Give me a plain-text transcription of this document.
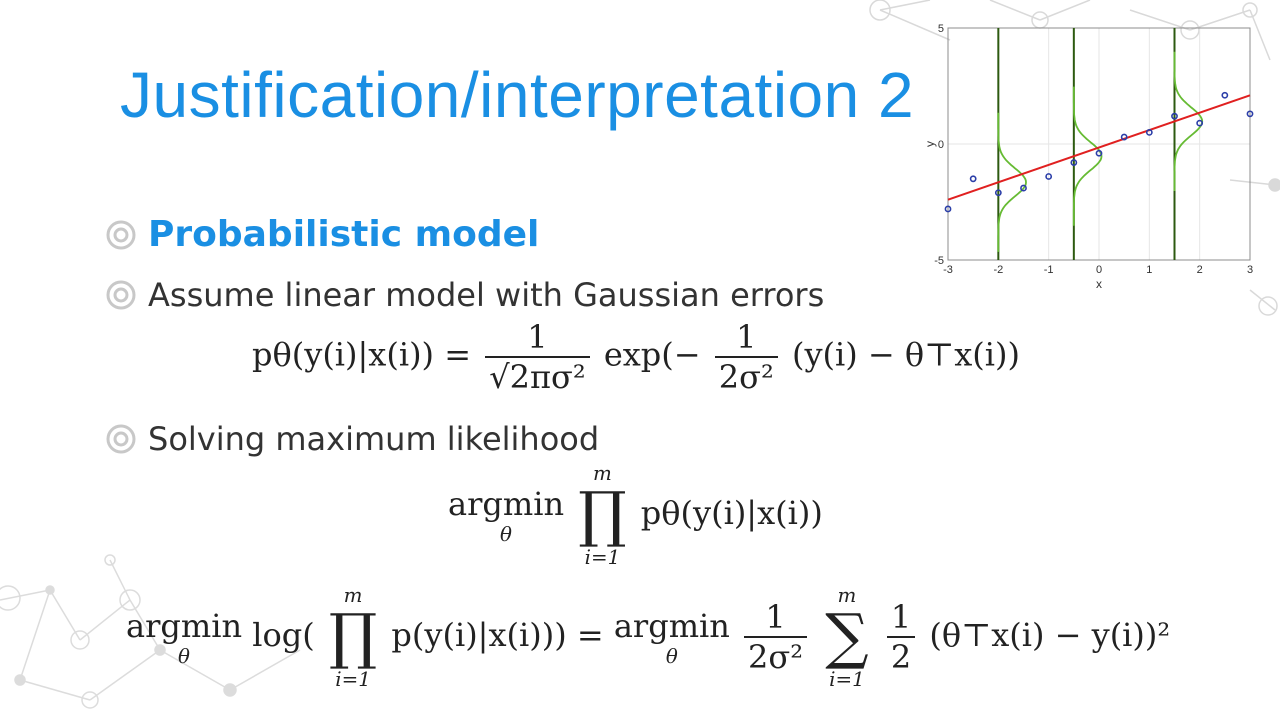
Justification/interpretation 2
Probabilistic model
Assume linear model with Gaussian errors
Solving maximum likelihood
$p\theta(y(i)|x(i)) = \frac{1}{\text{√2πσ²}} \exp(- \frac{1}{\text{2σ²}} (y(i)$ − θ⊤x(i))
argmin
θ

m
∏
i=1
pθ(y(i)|x(i))
argmin
θ
log(
m
∏
i=1
p(y(i)|x(i))) = argmin
θ
$\frac{1}{\text{2σ²}}$

m
∑
i=1

$\frac{1}{2}$ (θ⊤x(i) − y(i))²
-3	-2	-1	0	1	2	3
-5
0
5
x
y
